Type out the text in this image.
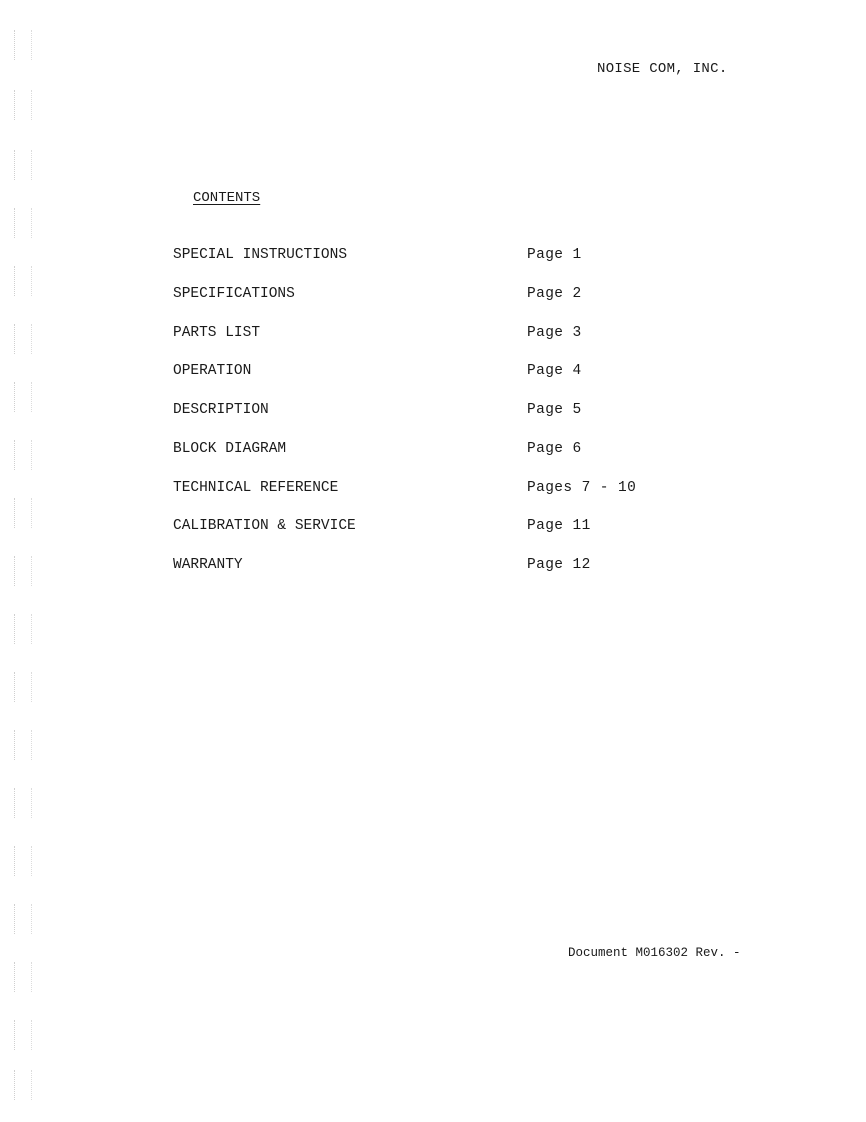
NOISE COM, INC.
CONTENTS
SPECIAL INSTRUCTIONS	Page 1
SPECIFICATIONS	Page 2
PARTS LIST	Page 3
OPERATION	Page 4
DESCRIPTION	Page 5
BLOCK DIAGRAM	Page 6
TECHNICAL REFERENCE	Pages 7 - 10
CALIBRATION & SERVICE	Page 11
WARRANTY	Page 12
Document M016302 Rev. -
